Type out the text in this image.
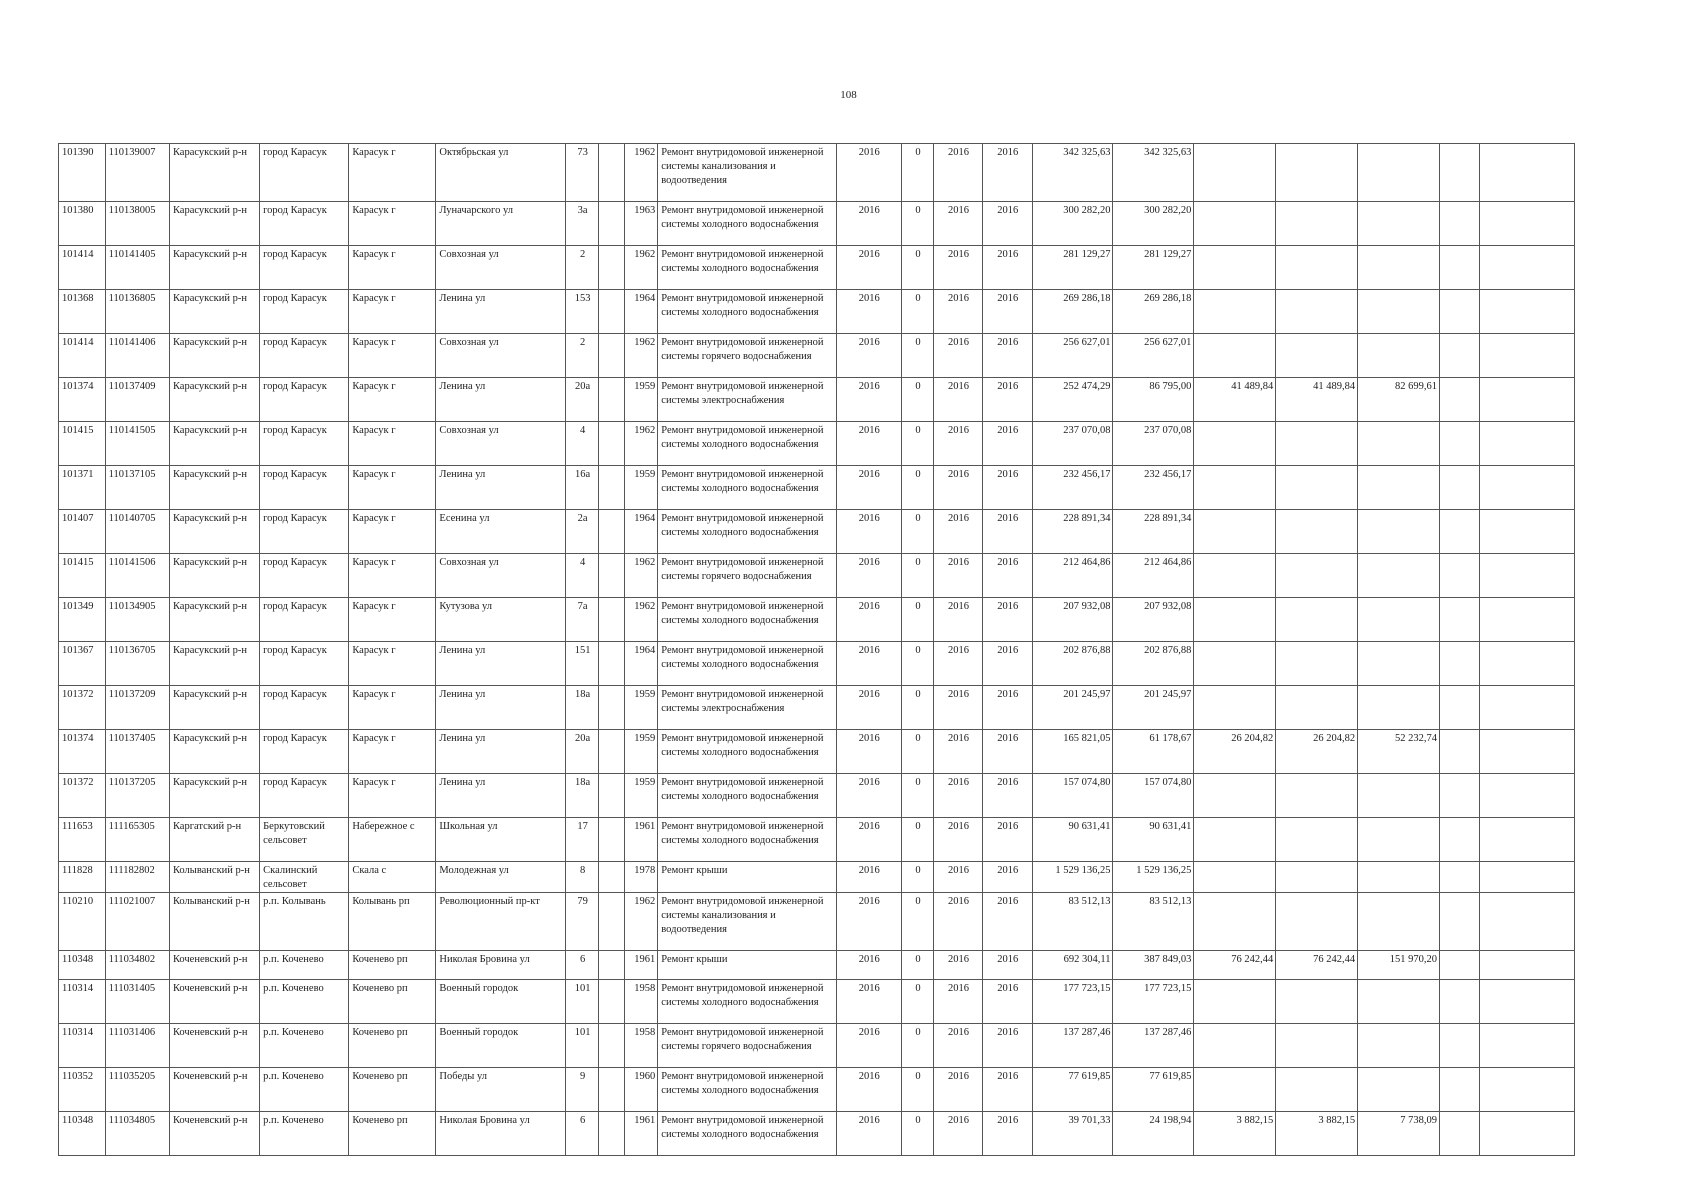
108
101390	110139007	Карасукский р-н	город Карасук	Карасук г	Октябрьская ул	73		1962	Ремонт внутридомовой инженерной системы канализования и водоотведения	2016	0	2016	2016	342 325,63	342 325,63					
101380	110138005	Карасукский р-н	город Карасук	Карасук г	Луначарского ул	3а		1963	Ремонт внутридомовой инженерной системы холодного водоснабжения	2016	0	2016	2016	300 282,20	300 282,20					
101414	110141405	Карасукский р-н	город Карасук	Карасук г	Совхозная ул	2		1962	Ремонт внутридомовой инженерной системы холодного водоснабжения	2016	0	2016	2016	281 129,27	281 129,27					
101368	110136805	Карасукский р-н	город Карасук	Карасук г	Ленина ул	153		1964	Ремонт внутридомовой инженерной системы холодного водоснабжения	2016	0	2016	2016	269 286,18	269 286,18					
101414	110141406	Карасукский р-н	город Карасук	Карасук г	Совхозная ул	2		1962	Ремонт внутридомовой инженерной системы горячего водоснабжения	2016	0	2016	2016	256 627,01	256 627,01					
101374	110137409	Карасукский р-н	город Карасук	Карасук г	Ленина ул	20а		1959	Ремонт внутридомовой инженерной системы электроснабжения	2016	0	2016	2016	252 474,29	86 795,00	41 489,84	41 489,84	82 699,61		
101415	110141505	Карасукский р-н	город Карасук	Карасук г	Совхозная ул	4		1962	Ремонт внутридомовой инженерной системы холодного водоснабжения	2016	0	2016	2016	237 070,08	237 070,08					
101371	110137105	Карасукский р-н	город Карасук	Карасук г	Ленина ул	16а		1959	Ремонт внутридомовой инженерной системы холодного водоснабжения	2016	0	2016	2016	232 456,17	232 456,17					
101407	110140705	Карасукский р-н	город Карасук	Карасук г	Есенина ул	2а		1964	Ремонт внутридомовой инженерной системы холодного водоснабжения	2016	0	2016	2016	228 891,34	228 891,34					
101415	110141506	Карасукский р-н	город Карасук	Карасук г	Совхозная ул	4		1962	Ремонт внутридомовой инженерной системы горячего водоснабжения	2016	0	2016	2016	212 464,86	212 464,86					
101349	110134905	Карасукский р-н	город Карасук	Карасук г	Кутузова ул	7а		1962	Ремонт внутридомовой инженерной системы холодного водоснабжения	2016	0	2016	2016	207 932,08	207 932,08					
101367	110136705	Карасукский р-н	город Карасук	Карасук г	Ленина ул	151		1964	Ремонт внутридомовой инженерной системы холодного водоснабжения	2016	0	2016	2016	202 876,88	202 876,88					
101372	110137209	Карасукский р-н	город Карасук	Карасук г	Ленина ул	18а		1959	Ремонт внутридомовой инженерной системы электроснабжения	2016	0	2016	2016	201 245,97	201 245,97					
101374	110137405	Карасукский р-н	город Карасук	Карасук г	Ленина ул	20а		1959	Ремонт внутридомовой инженерной системы холодного водоснабжения	2016	0	2016	2016	165 821,05	61 178,67	26 204,82	26 204,82	52 232,74		
101372	110137205	Карасукский р-н	город Карасук	Карасук г	Ленина ул	18а		1959	Ремонт внутридомовой инженерной системы холодного водоснабжения	2016	0	2016	2016	157 074,80	157 074,80					
111653	111165305	Каргатский р-н	Беркутовский сельсовет	Набережное с	Школьная ул	17		1961	Ремонт внутридомовой инженерной системы холодного водоснабжения	2016	0	2016	2016	90 631,41	90 631,41					
111828	111182802	Колыванский р-н	Скалинский сельсовет	Скала с	Молодежная ул	8		1978	Ремонт крыши	2016	0	2016	2016	1 529 136,25	1 529 136,25					
110210	111021007	Колыванский р-н	р.п. Колывань	Колывань рп	Революционный пр-кт	79		1962	Ремонт внутридомовой инженерной системы канализования и водоотведения	2016	0	2016	2016	83 512,13	83 512,13					
110348	111034802	Коченевский р-н	р.п. Коченево	Коченево рп	Николая Бровина ул	6		1961	Ремонт крыши	2016	0	2016	2016	692 304,11	387 849,03	76 242,44	76 242,44	151 970,20		
110314	111031405	Коченевский р-н	р.п. Коченево	Коченево рп	Военный городок	101		1958	Ремонт внутридомовой инженерной системы холодного водоснабжения	2016	0	2016	2016	177 723,15	177 723,15					
110314	111031406	Коченевский р-н	р.п. Коченево	Коченево рп	Военный городок	101		1958	Ремонт внутридомовой инженерной системы горячего водоснабжения	2016	0	2016	2016	137 287,46	137 287,46					
110352	111035205	Коченевский р-н	р.п. Коченево	Коченево рп	Победы ул	9		1960	Ремонт внутридомовой инженерной системы холодного водоснабжения	2016	0	2016	2016	77 619,85	77 619,85					
110348	111034805	Коченевский р-н	р.п. Коченево	Коченево рп	Николая Бровина ул	6		1961	Ремонт внутридомовой инженерной системы холодного водоснабжения	2016	0	2016	2016	39 701,33	24 198,94	3 882,15	3 882,15	7 738,09		
